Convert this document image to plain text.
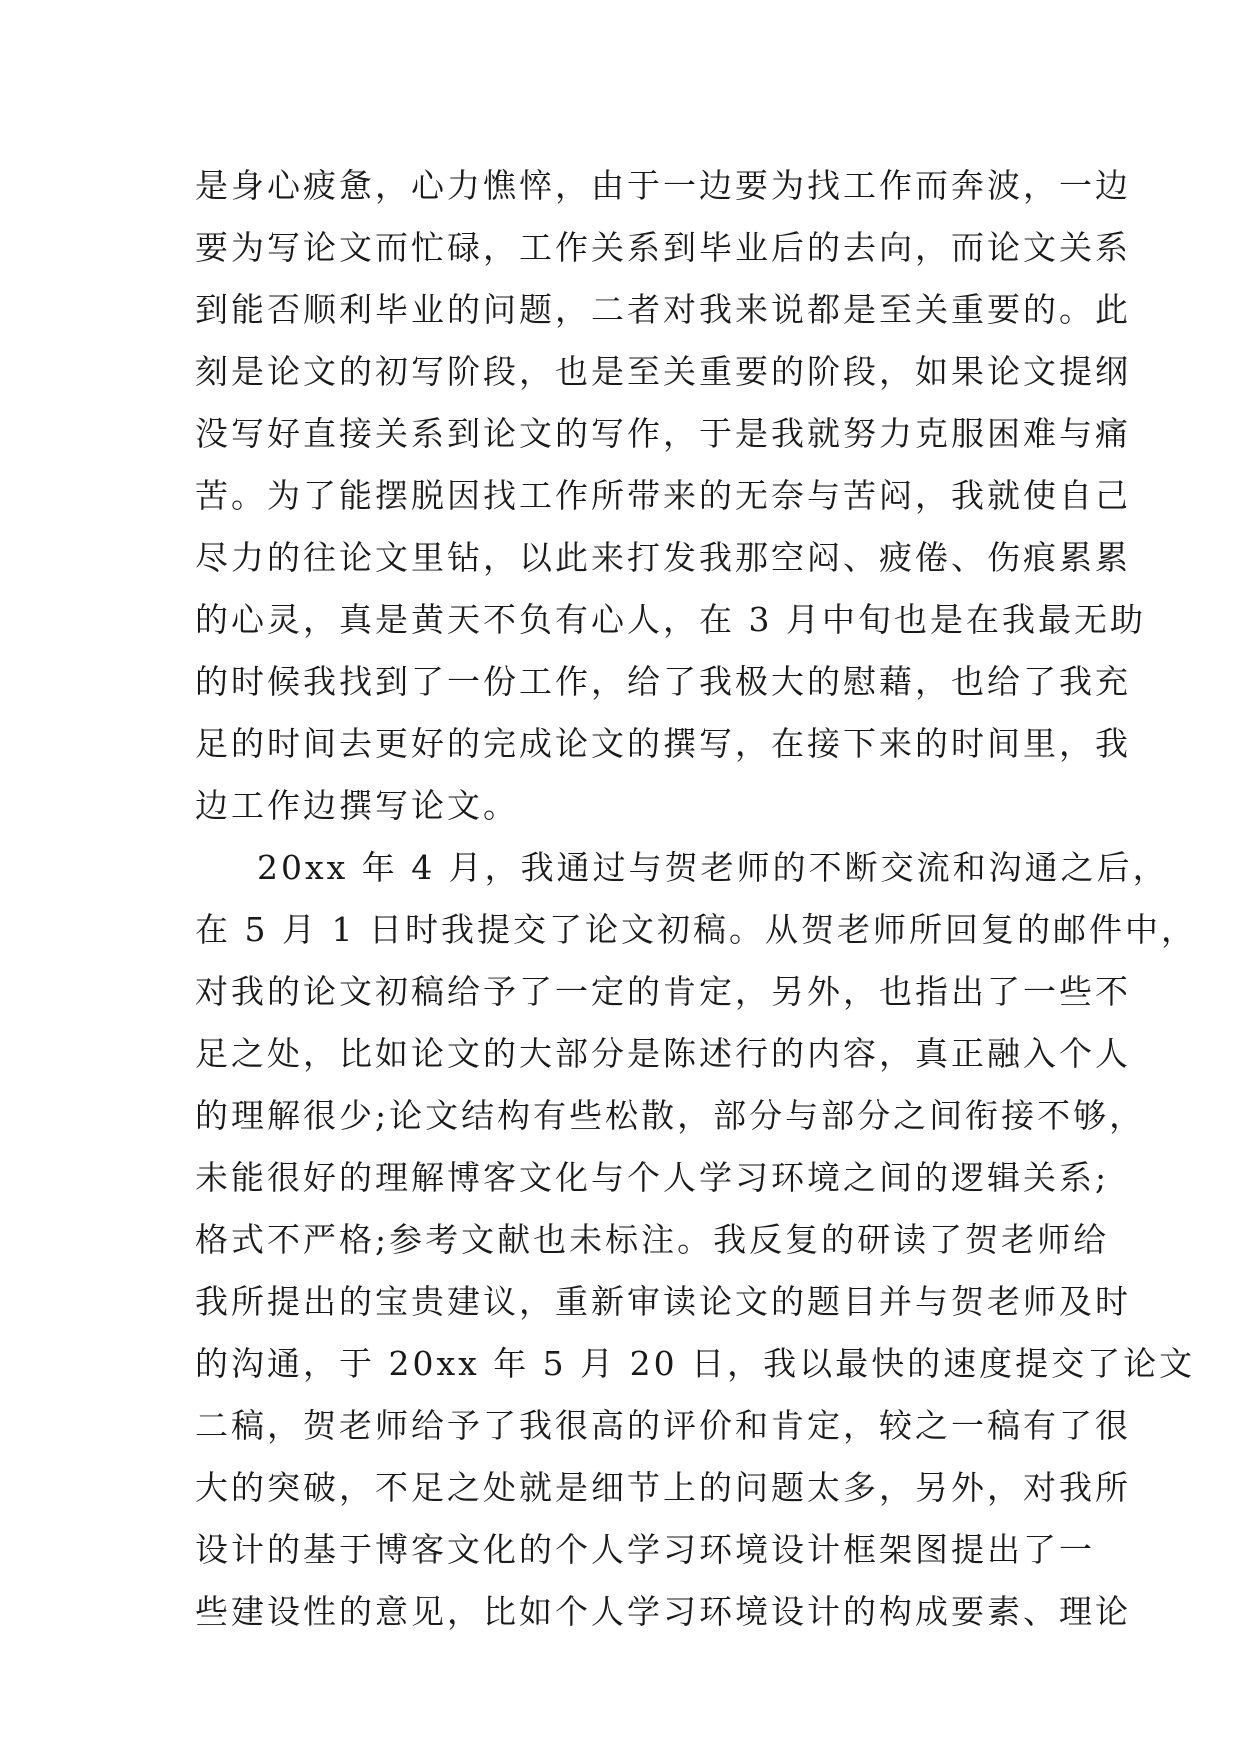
是身心疲惫，心力憔悴，由于一边要为找工作而奔波，一边
要为写论文而忙碌，工作关系到毕业后的去向，而论文关系
到能否顺利毕业的问题，二者对我来说都是至关重要的。此
刻是论文的初写阶段，也是至关重要的阶段，如果论文提纲
没写好直接关系到论文的写作，于是我就努力克服困难与痛
苦。为了能摆脱因找工作所带来的无奈与苦闷，我就使自己
尽力的往论文里钻，以此来打发我那空闷、疲倦、伤痕累累
的心灵，真是黄天不负有心人，在 3 月中旬也是在我最无助
的时候我找到了一份工作，给了我极大的慰藉，也给了我充
足的时间去更好的完成论文的撰写，在接下来的时间里，我
边工作边撰写论文。
20xx 年 4 月，我通过与贺老师的不断交流和沟通之后，
在 5 月 1 日时我提交了论文初稿。从贺老师所回复的邮件中，
对我的论文初稿给予了一定的肯定，另外，也指出了一些不
足之处，比如论文的大部分是陈述行的内容，真正融入个人
的理解很少;论文结构有些松散，部分与部分之间衔接不够，
未能很好的理解博客文化与个人学习环境之间的逻辑关系;
格式不严格;参考文献也未标注。我反复的研读了贺老师给
我所提出的宝贵建议，重新审读论文的题目并与贺老师及时
的沟通，于 20xx 年 5 月 20 日，我以最快的速度提交了论文
二稿，贺老师给予了我很高的评价和肯定，较之一稿有了很
大的突破，不足之处就是细节上的问题太多，另外，对我所
设计的基于博客文化的个人学习环境设计框架图提出了一
些建设性的意见，比如个人学习环境设计的构成要素、理论
